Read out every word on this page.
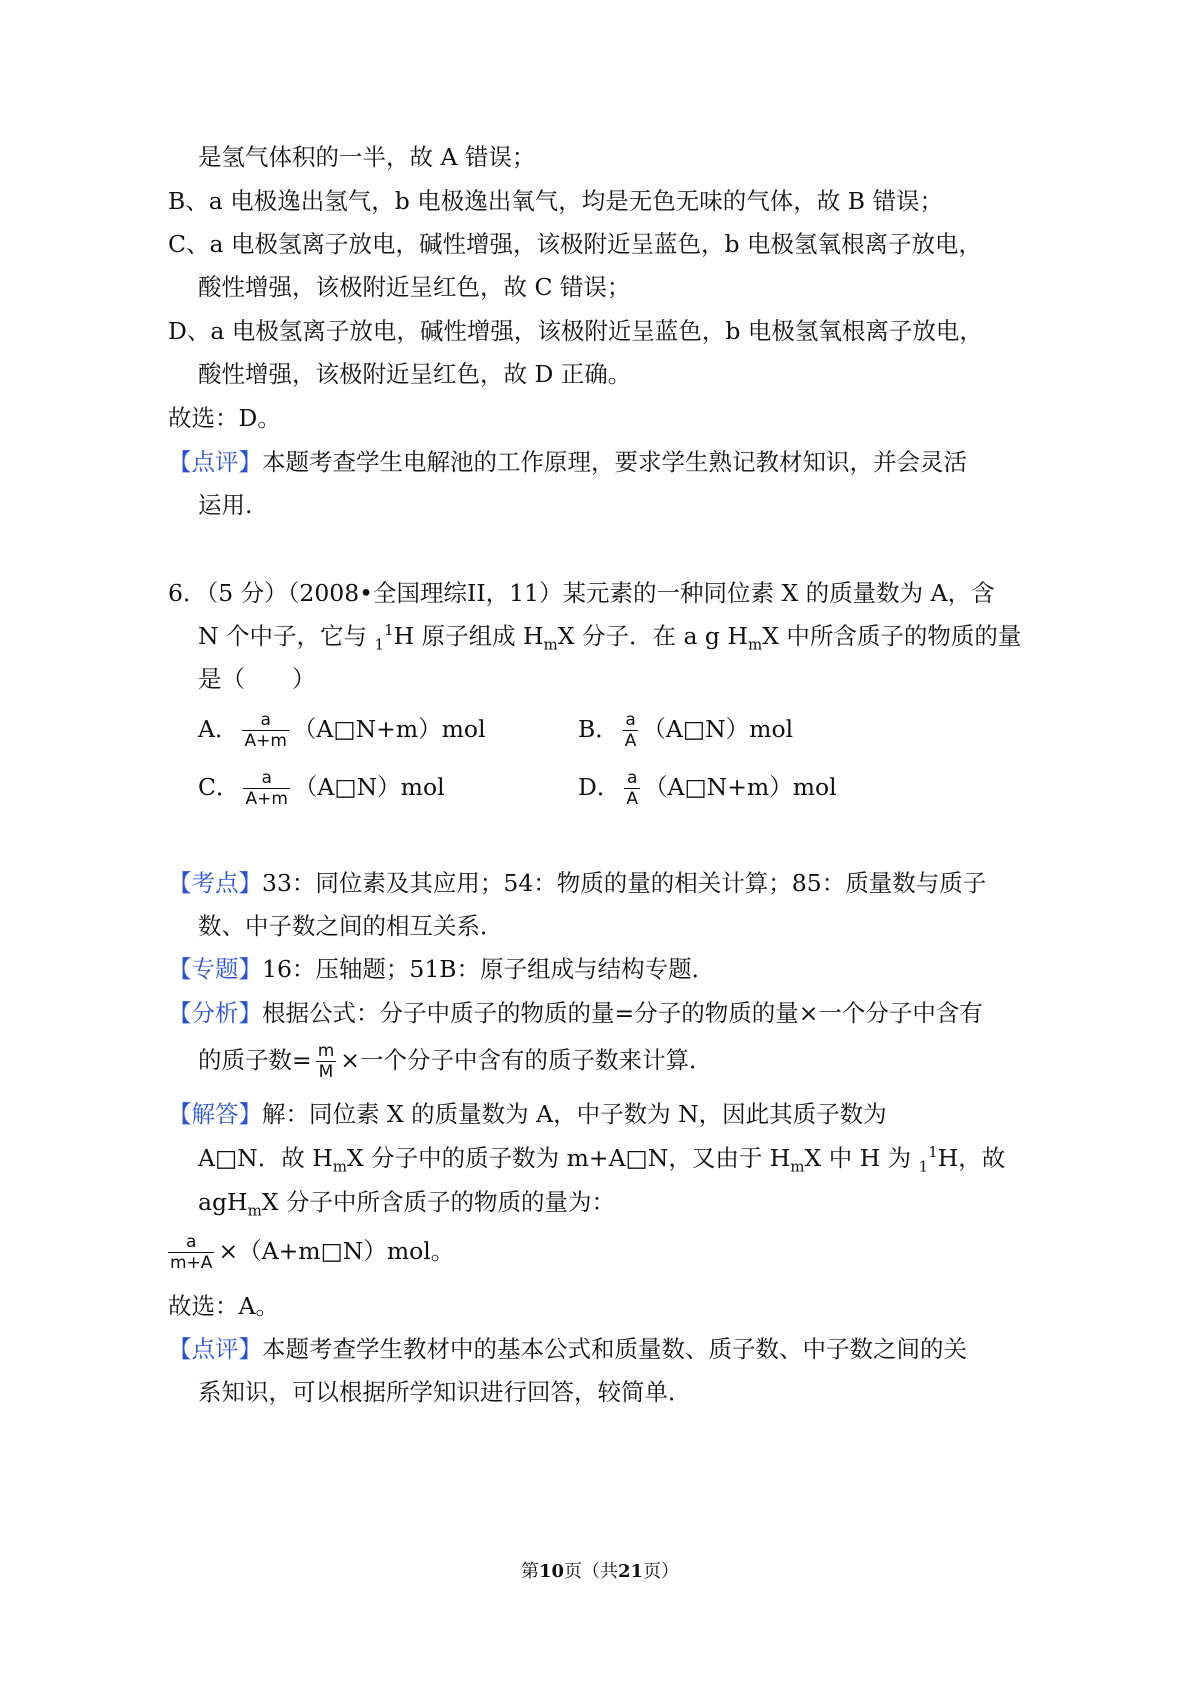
是氢气体积的一半，故 A 错误；
B、a 电极逸出氢气，b 电极逸出氧气，均是无色无味的气体，故 B 错误；
C、a 电极氢离子放电，碱性增强，该极附近呈蓝色，b 电极氢氧根离子放电，
酸性增强，该极附近呈红色，故 C 错误；
D、a 电极氢离子放电，碱性增强，该极附近呈蓝色，b 电极氢氧根离子放电，
酸性增强，该极附近呈红色，故 D 正确。
故选：D。
【点评】本题考查学生电解池的工作原理，要求学生熟记教材知识，并会灵活
运用.
6．（5 分）（2008•全国理综II，11）某元素的一种同位素 X 的质量数为 A，含
N 个中子，它与 $_1^1$H 原子组成 $H_mX$ 分子．在 a g $H_mX$ 中所含质子的物质的量
是（　　）
A． $\frac{a}{A+m}$ （A□N+m）mol	B． $\frac{a}{A}$ （A□N）mol
C． $\frac{a}{A+m}$ （A□N）mol	D． $\frac{a}{A}$ （A□N+m）mol
【考点】33：同位素及其应用；54：物质的量的相关计算；85：质量数与质子
数、中子数之间的相互关系．
【专题】16：压轴题；51B：原子组成与结构专题．
【分析】根据公式：分子中质子的物质的量=分子的物质的量×一个分子中含有
的质子数= $\frac{m}{M}$ ×一个分子中含有的质子数来计算．
【解答】解：同位素 X 的质量数为 A，中子数为 N，因此其质子数为
A□N．故 $H_mX$ 分子中的质子数为 m+A□N，又由于 $H_mX$ 中 H 为 $_1^1$H，故
agH$_m$X 分子中所含质子的物质的量为：
$\frac{a}{m+A}$ ×（A+m□N）mol。
故选：A。
【点评】本题考查学生教材中的基本公式和质量数、质子数、中子数之间的关
系知识，可以根据所学知识进行回答，较简单．
第10页（共21页）
